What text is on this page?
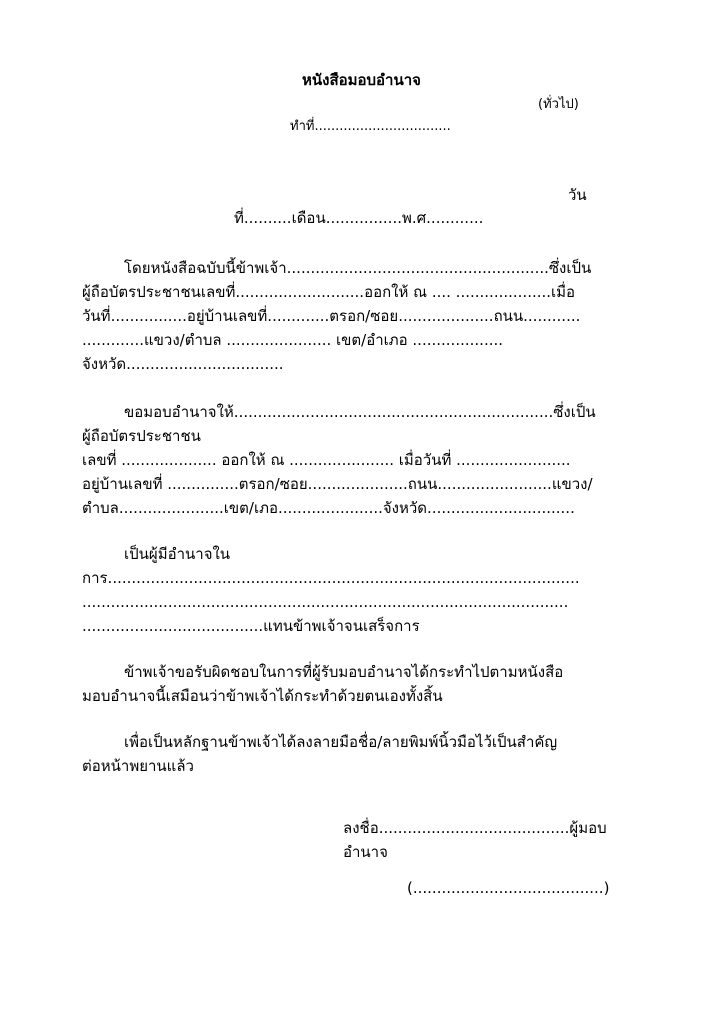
หนังสือมอบอำนาจ
(ทั่วไป)
ทำที่.................................
วัน
ที่..........เดือน................พ.ศ............
โดยหนังสือฉบับนี้ข้าพเจ้า.......................................................ซึ่งเป็น
ผู้ถือบัตรประชาชนเลขที่...........................ออกให้ ณ .... ....................เมื่อ
วันที่................อยู่บ้านเลขที่.............ตรอก/ซอย....................ถนน............
.............แขวง/ตำบล ...................... เขต/อำเภอ ...................
จังหวัด.................................
ขอมอบอำนาจให้...................................................................ซึ่งเป็น
ผู้ถือบัตรประชาชน
เลขที่ .................... ออกให้ ณ ...................... เมื่อวันที่ ........................
อยู่บ้านเลขที่ ...............ตรอก/ซอย.....................ถนน........................แขวง/
ตำบล......................เขต/เภอ......................จังหวัด...............................
เป็นผู้มีอำนาจใน
การ...................................................................................................
......................................................................................................
......................................แทนข้าพเจ้าจนเสร็จการ
ข้าพเจ้าขอรับผิดชอบในการที่ผู้รับมอบอำนาจได้กระทำไปตามหนังสือ
มอบอำนาจนี้เสมือนว่าข้าพเจ้าได้กระทำด้วยตนเองทั้งสิ้น
เพื่อเป็นหลักฐานข้าพเจ้าได้ลงลายมือชื่อ/ลายพิมพ์นิ้วมือไว้เป็นสำคัญ
ต่อหน้าพยานแล้ว
ลงชื่อ........................................ผู้มอบ
อำนาจ
(........................................)
